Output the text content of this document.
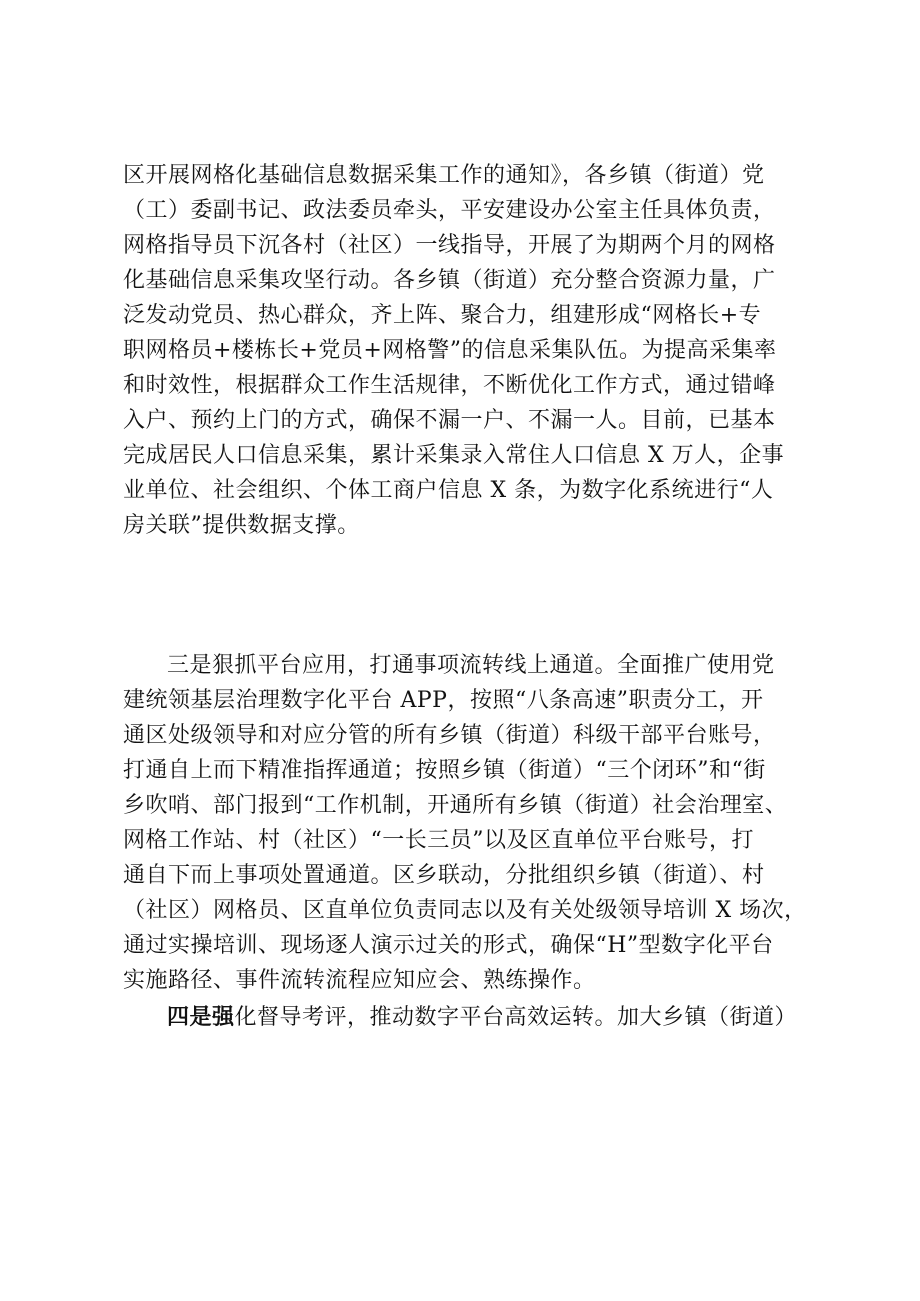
区开展网格化基础信息数据采集工作的通知》，各乡镇（街道）党
（工）委副书记、政法委员牵头，平安建设办公室主任具体负责，
网格指导员下沉各村（社区）一线指导，开展了为期两个月的网格
化基础信息采集攻坚行动。各乡镇（街道）充分整合资源力量，广
泛发动党员、热心群众，齐上阵、聚合力，组建形成“网格长+专
职网格员+楼栋长+党员+网格警”的信息采集队伍。为提高采集率
和时效性，根据群众工作生活规律，不断优化工作方式，通过错峰
入户、预约上门的方式，确保不漏一户、不漏一人。目前，已基本
完成居民人口信息采集，累计采集录入常住人口信息 X 万人，企事
业单位、社会组织、个体工商户信息 X 条，为数字化系统进行“人
房关联”提供数据支撑。
三是狠抓平台应用，打通事项流转线上通道。全面推广使用党
建统领基层治理数字化平台 APP，按照“八条高速”职责分工，开
通区处级领导和对应分管的所有乡镇（街道）科级干部平台账号，
打通自上而下精准指挥通道；按照乡镇（街道）“三个闭环”和“街
乡吹哨、部门报到“工作机制，开通所有乡镇（街道）社会治理室、
网格工作站、村（社区）“一长三员”以及区直单位平台账号，打
通自下而上事项处置通道。区乡联动，分批组织乡镇（街道）、村
（社区）网格员、区直单位负责同志以及有关处级领导培训 X 场次，
通过实操培训、现场逐人演示过关的形式，确保“H”型数字化平台
实施路径、事件流转流程应知应会、熟练操作。
四是强化督导考评，推动数字平台高效运转。加大乡镇（街道）
